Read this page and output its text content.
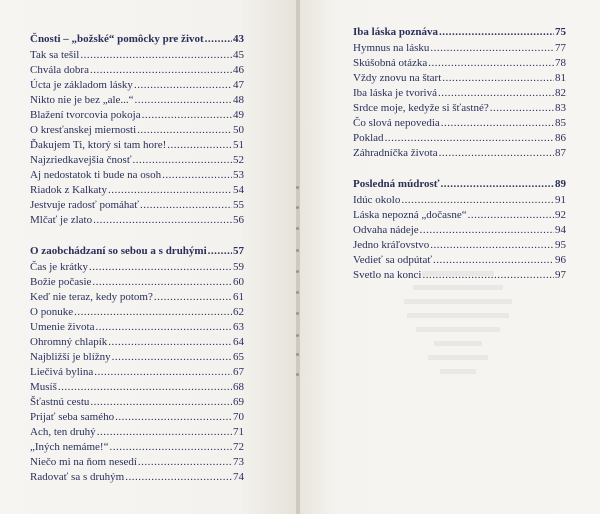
Čnosti – „božské“ pomôcky pre život .....	43
Tak sa tešil .....	45
Chvála dobra .....	46
Úcta je základom lásky .....	47
Nikto nie je bez „ale...“ .....	48
Blažení tvorcovia pokoja .....	49
O kresťanskej miernosti .....	50
Ďakujem Ti, ktorý si tam hore! .....	51
Najzriedkavejšia čnosť .....	52
Aj nedostatok ti bude na osoh .....	53
Riadok z Kalkaty .....	54
Jestvuje radosť pomáhať .....	55
Mlčať je zlato .....	56
O zaobchádzaní so sebou a s druhými ..... 57
Čas je krátky .....	59
Božie počasie .....	60
Keď nie teraz, kedy potom? .....	61
O ponuke .....	62
Umenie života .....	63
Ohromný chlapík .....	64
Najbližší je blížny .....	65
Liečivá bylina .....	67
Musíš .....	68
Šťastnú cestu .....	69
Prijať seba samého .....	70
Ach, ten druhý .....	71
„Iných nemáme!“ .....	72
Niečo mi na ňom nesedí .....	73
Radovať sa s druhým .....	74
Iba láska poznáva .....	75
Hymnus na lásku .....	77
Skúšobná otázka .....	78
Vždy znovu na štart .....	81
Iba láska je tvorivá .....	82
Srdce moje, kedyže si šťastné? .....	83
Čo slová nepovedia .....	85
Poklad .....	86
Záhradníčka života .....	87
Posledná múdrosť .....	89
Idúc okolo .....	91
Láska nepozná „dočasne“ .....	92
Odvaha nádeje .....	94
Jedno kráľovstvo .....	95
Vedieť sa odpútať .....	96
Svetlo na konci .....	97
